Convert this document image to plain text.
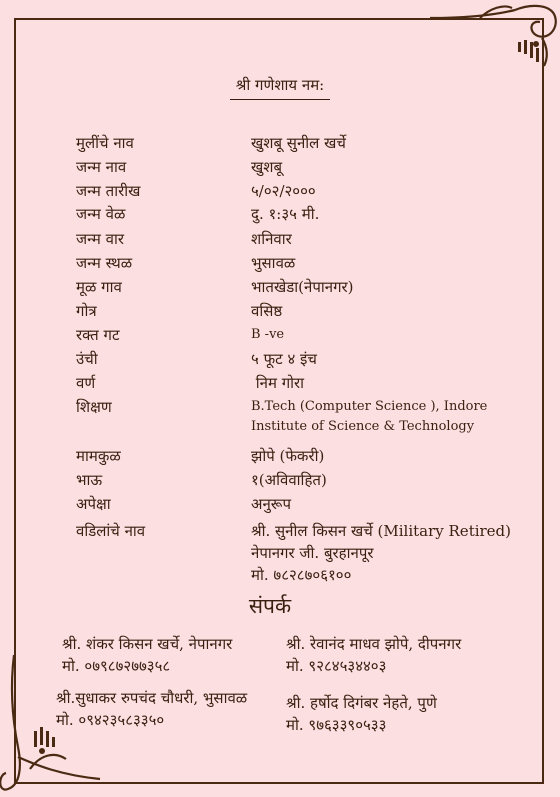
श्री गणेशाय नम:
मुलींचे नाव	खुशबू सुनील खर्चे
जन्म नाव	खुशबू
जन्म तारीख	५/०२/२०००
जन्म वेळ	दु. १:३५ मी.
जन्म वार	शनिवार
जन्म स्थळ	भुसावळ
मूळ गाव	भातखेडा(नेपानगर)
गोत्र	वसिष्ठ
रक्त गट	B -ve
उंची	५ फूट ४ इंच
वर्ण	निम गोरा
शिक्षण	B.Tech (Computer Science ), Indore
Institute of Science & Technology
मामकुळ	झोपे (फेकरी)
भाऊ	१(अविवाहित)
अपेक्षा	अनुरूप
वडिलांचे नाव	श्री. सुनील किसन खर्चे (Military Retired)
नेपानगर जी. बुरहानपूर
मो. ७८२८७०६१००
संपर्क
श्री. शंकर किसन खर्चे, नेपानगर
मो. ०७९८७२७७३५८
श्री. रेवानंद माधव झोपे, दीपनगर
मो. ९२८४५३४४०३
श्री.सुधाकर रुपचंद चौधरी, भुसावळ
मो. ०९४२३५८३३५०
श्री. हर्षोद दिगंबर नेहते, पुणे
मो. ९७६३३९०५३३
